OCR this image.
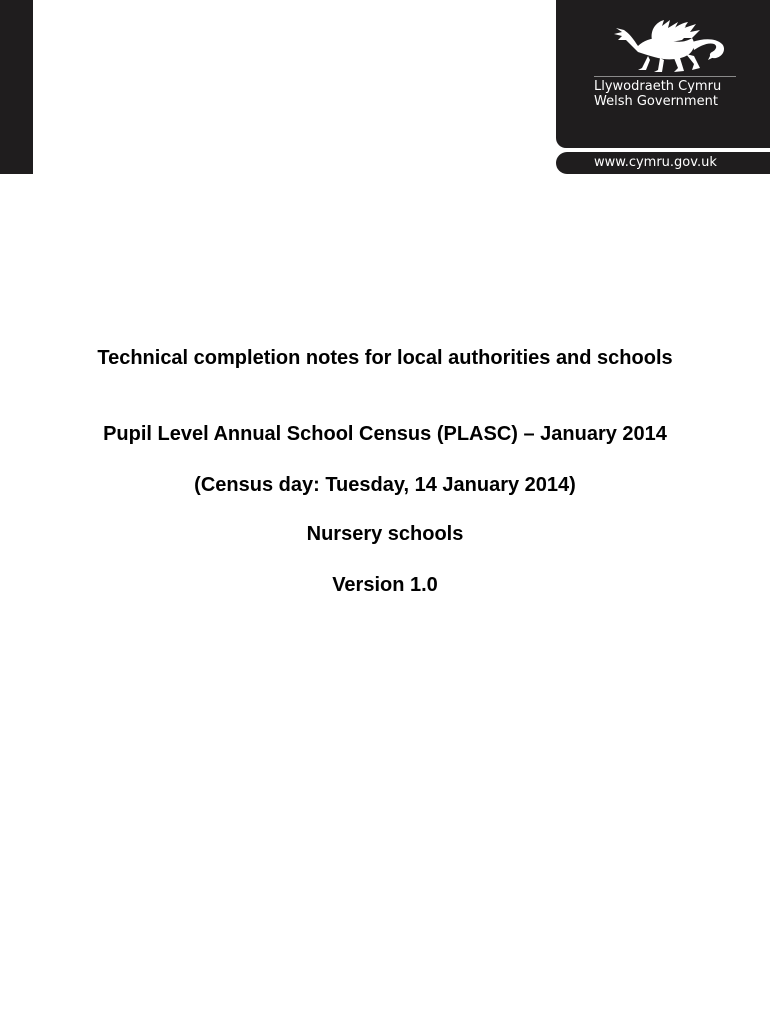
Llywodraeth Cymru
Welsh Government
www.cymru.gov.uk
Technical completion notes for local authorities and schools
Pupil Level Annual School Census (PLASC) – January 2014
(Census day: Tuesday, 14 January 2014)
Nursery schools
Version 1.0
